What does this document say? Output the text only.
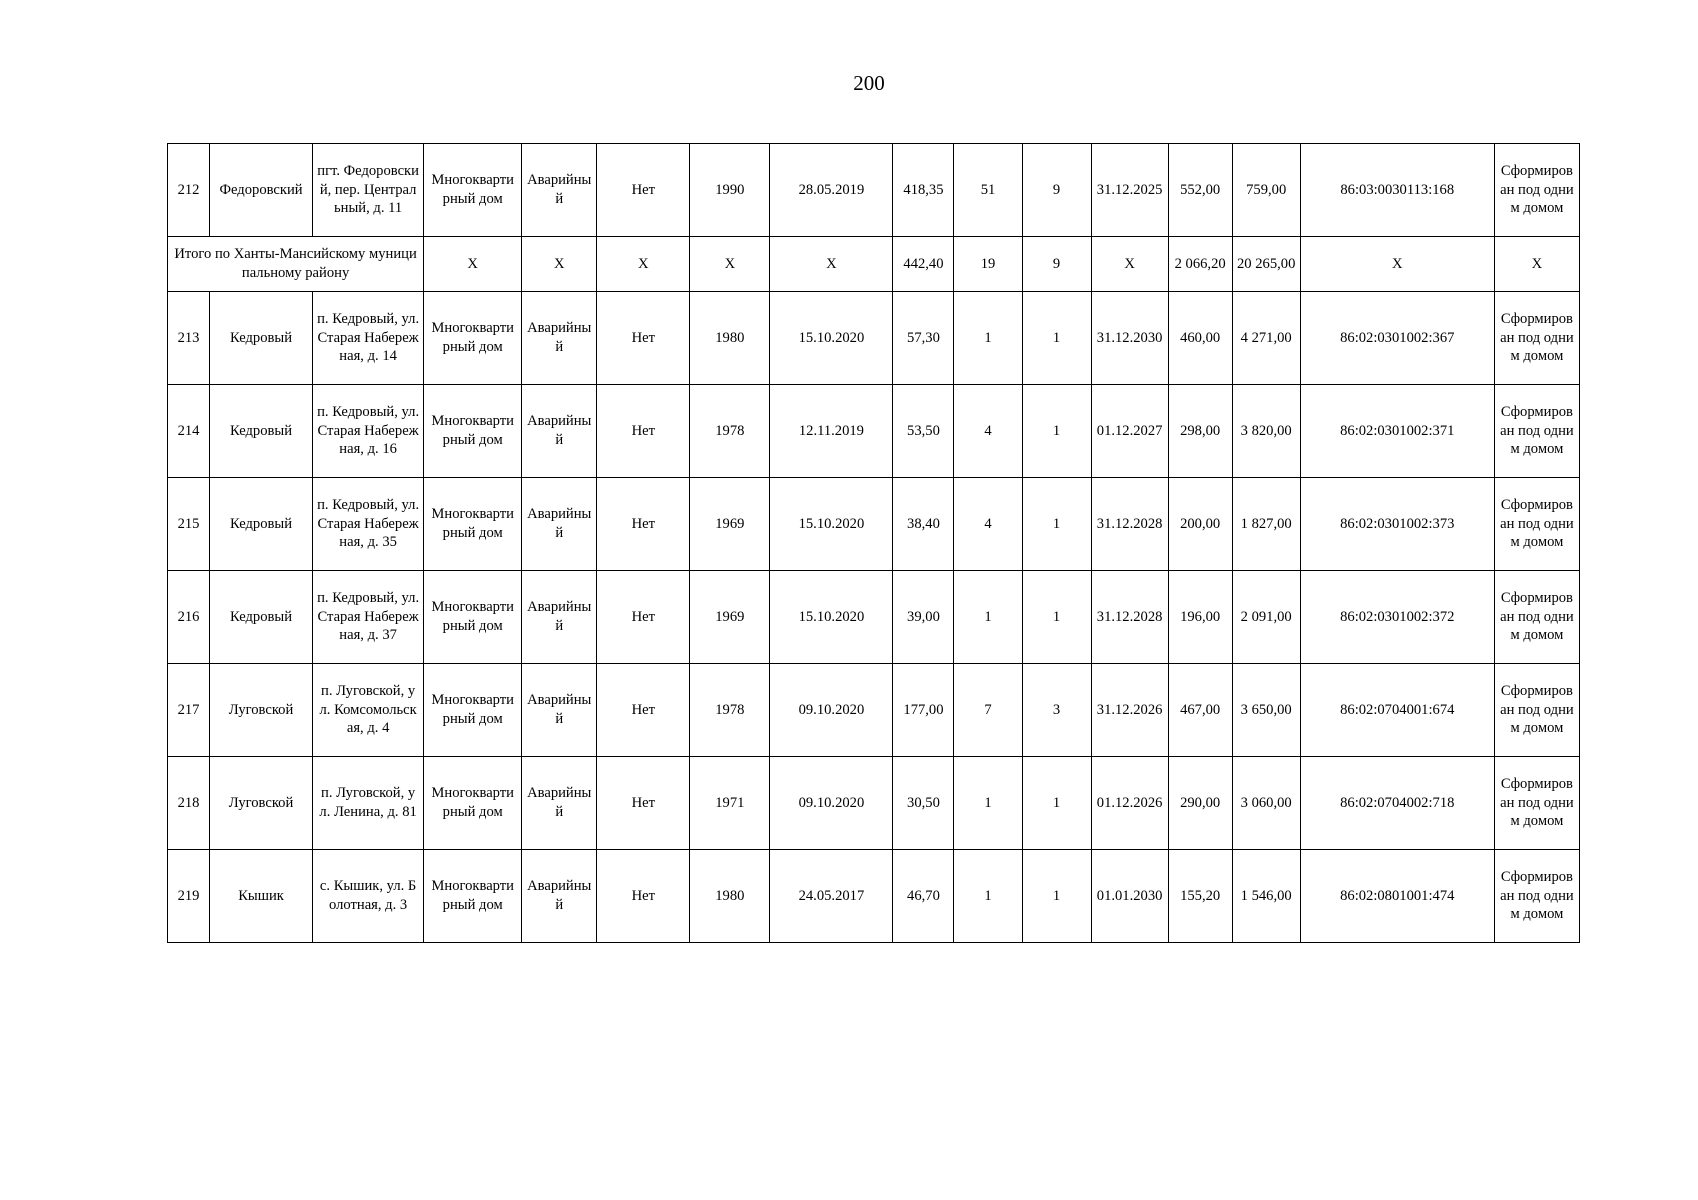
200
212	Федоровский	пгт. Федоровский, пер. Центральный, д. 11	Многоквартирный дом	Аварийный	Нет	1990	28.05.2019	418,35	51	9	31.12.2025	552,00	759,00	86:03:0030113:168	Сформирован под одним домом
Итого по Ханты-Мансийскому муниципальному району			Х	Х	Х	Х	Х	442,40	19	9	Х	2 066,20	20 265,00	Х	Х
213	Кедровый	п. Кедровый, ул. Старая Набережная, д. 14	Многоквартирный дом	Аварийный	Нет	1980	15.10.2020	57,30	1	1	31.12.2030	460,00	4 271,00	86:02:0301002:367	Сформирован под одним домом
214	Кедровый	п. Кедровый, ул. Старая Набережная, д. 16	Многоквартирный дом	Аварийный	Нет	1978	12.11.2019	53,50	4	1	01.12.2027	298,00	3 820,00	86:02:0301002:371	Сформирован под одним домом
215	Кедровый	п. Кедровый, ул. Старая Набережная, д. 35	Многоквартирный дом	Аварийный	Нет	1969	15.10.2020	38,40	4	1	31.12.2028	200,00	1 827,00	86:02:0301002:373	Сформирован под одним домом
216	Кедровый	п. Кедровый, ул. Старая Набережная, д. 37	Многоквартирный дом	Аварийный	Нет	1969	15.10.2020	39,00	1	1	31.12.2028	196,00	2 091,00	86:02:0301002:372	Сформирован под одним домом
217	Луговской	п. Луговской, ул. Комсомольская, д. 4	Многоквартирный дом	Аварийный	Нет	1978	09.10.2020	177,00	7	3	31.12.2026	467,00	3 650,00	86:02:0704001:674	Сформирован под одним домом
218	Луговской	п. Луговской, ул. Ленина, д. 81	Многоквартирный дом	Аварийный	Нет	1971	09.10.2020	30,50	1	1	01.12.2026	290,00	3 060,00	86:02:0704002:718	Сформирован под одним домом
219	Кышик	с. Кышик, ул. Болотная, д. 3	Многоквартирный дом	Аварийный	Нет	1980	24.05.2017	46,70	1	1	01.01.2030	155,20	1 546,00	86:02:0801001:474	Сформирован под одним домом
